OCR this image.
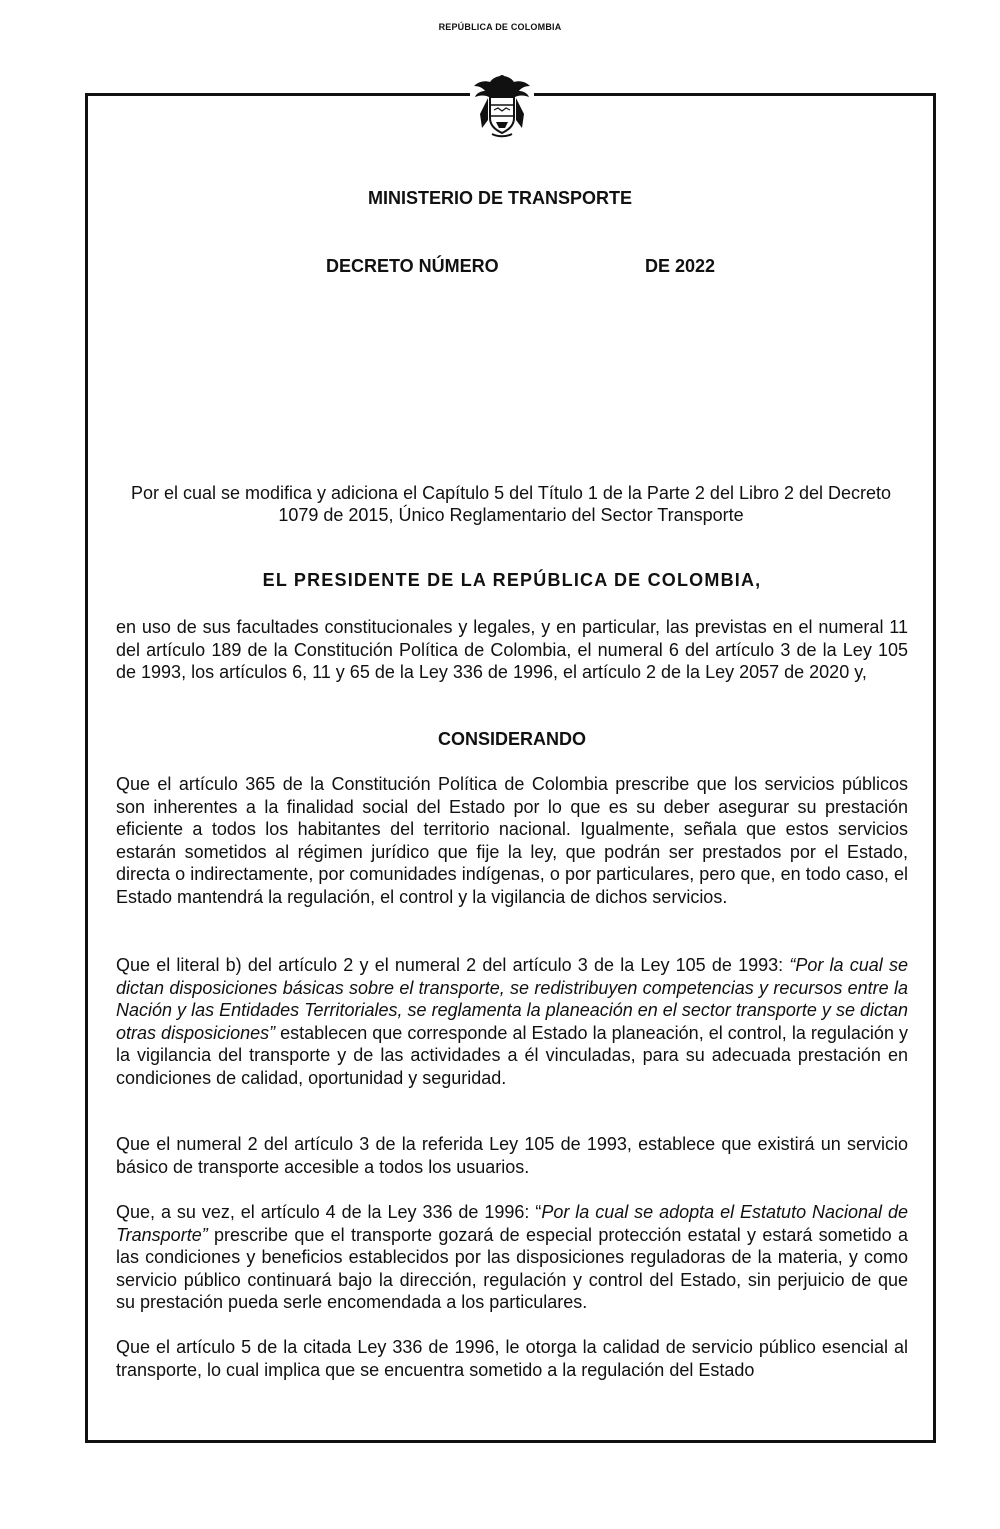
REPÚBLICA DE COLOMBIA
MINISTERIO DE TRANSPORTE
DECRETO NÚMERO	DE 2022
Por el cual se modifica y adiciona el Capítulo 5 del Título 1 de la Parte 2 del Libro 2 del Decreto 1079 de 2015, Único Reglamentario del Sector Transporte
EL PRESIDENTE DE LA REPÚBLICA DE COLOMBIA,

en uso de sus facultades constitucionales y legales, y en particular, las previstas en el numeral 11 del artículo 189 de la Constitución Política de Colombia, el numeral 6 del artículo 3 de la Ley 105 de 1993, los artículos 6, 11 y 65 de la Ley 336 de 1996, el artículo 2 de la Ley 2057 de 2020 y,

CONSIDERANDO

Que el artículo 365 de la Constitución Política de Colombia prescribe que los servicios públicos son inherentes a la finalidad social del Estado por lo que es su deber asegurar su prestación eficiente a todos los habitantes del territorio nacional. Igualmente, señala que estos servicios estarán sometidos al régimen jurídico que fije la ley, que podrán ser prestados por el Estado, directa o indirectamente, por comunidades indígenas, o por particulares, pero que, en todo caso, el Estado mantendrá la regulación, el control y la vigilancia de dichos servicios.

Que el literal b) del artículo 2 y el numeral 2 del artículo 3 de la Ley 105 de 1993: “Por la cual se dictan disposiciones básicas sobre el transporte, se redistribuyen competencias y recursos entre la Nación y las Entidades Territoriales, se reglamenta la planeación en el sector transporte y se dictan otras disposiciones” establecen que corresponde al Estado la planeación, el control, la regulación y la vigilancia del transporte y de las actividades a él vinculadas, para su adecuada prestación en condiciones de calidad, oportunidad y seguridad.

Que el numeral 2 del artículo 3 de la referida Ley 105 de 1993, establece que existirá un servicio básico de transporte accesible a todos los usuarios.

Que, a su vez, el artículo 4 de la Ley 336 de 1996: “Por la cual se adopta el Estatuto Nacional de Transporte” prescribe que el transporte gozará de especial protección estatal y estará sometido a las condiciones y beneficios establecidos por las disposiciones reguladoras de la materia, y como servicio público continuará bajo la dirección, regulación y control del Estado, sin perjuicio de que su prestación pueda serle encomendada a los particulares.

Que el artículo 5 de la citada Ley 336 de 1996, le otorga la calidad de servicio público esencial al transporte, lo cual implica que se encuentra sometido a la regulación del Estado
